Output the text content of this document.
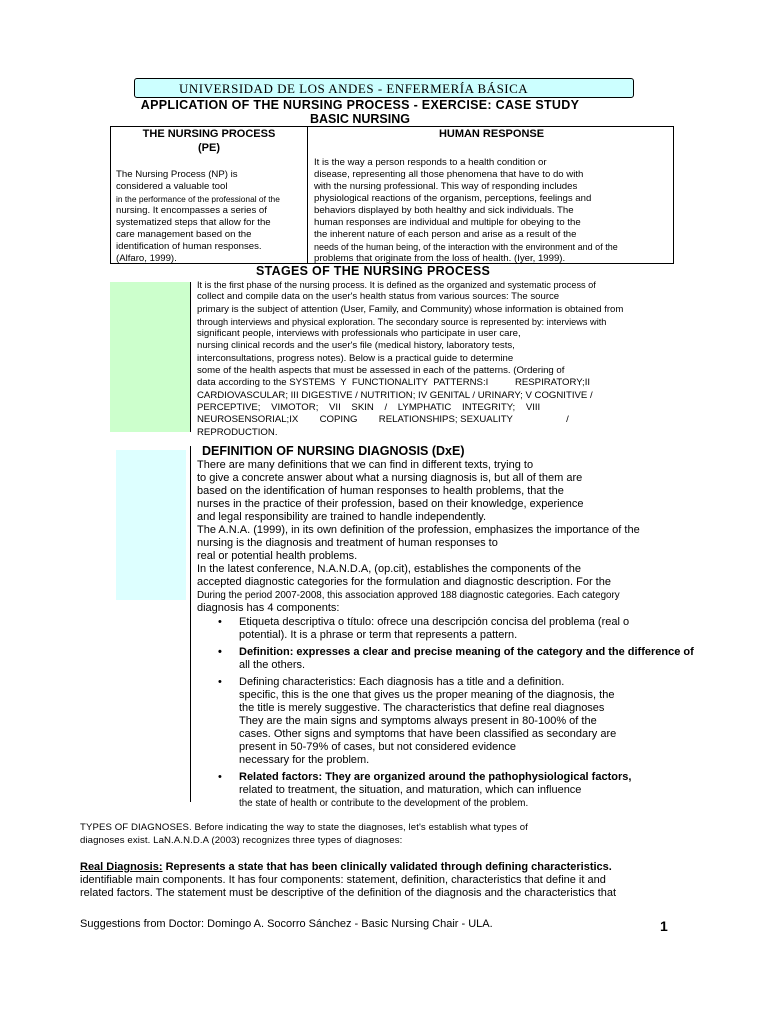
UNIVERSIDAD DE LOS ANDES - ENFERMERÍA BÁSICA
APPLICATION OF THE NURSING PROCESS - EXERCISE: CASE STUDY
BASIC NURSING
THE NURSING PROCESS
(PE)
The Nursing Process (NP) is
considered a valuable tool
in the performance of the professional of the
nursing. It encompasses a series of
systematized steps that allow for the
care management based on the
identification of human responses.
(Alfaro, 1999).
HUMAN RESPONSE
It is the way a person responds to a health condition or
disease, representing all those phenomena that have to do with
with the nursing professional. This way of responding includes
physiological reactions of the organism, perceptions, feelings and
behaviors displayed by both healthy and sick individuals. The
human responses are individual and multiple for obeying to the
the inherent nature of each person and arise as a result of the
needs of the human being, of the interaction with the environment and of the
problems that originate from the loss of health. (Iyer, 1999).
STAGES OF THE NURSING PROCESS
It is the first phase of the nursing process. It is defined as the organized and systematic process of
collect and compile data on the user's health status from various sources: The source
primary is the subject of attention (User, Family, and Community) whose information is obtained from
through interviews and physical exploration. The secondary source is represented by: interviews with
significant people, interviews with professionals who participate in user care,
nursing clinical records and the user's file (medical history, laboratory tests,
interconsultations, progress notes). Below is a practical guide to determine
some of the health aspects that must be assessed in each of the patterns. (Ordering of
data according to the SYSTEMS  Y  FUNCTIONALITY  PATTERNS:I          RESPIRATORY;II
CARDIOVASCULAR; III DIGESTIVE / NUTRITION; IV GENITAL / URINARY; V COGNITIVE /
PERCEPTIVE;    VIMOTOR;    VII    SKIN    /    LYMPHATIC    INTEGRITY;    VIII
NEUROSENSORIAL;IX        COPING        RELATIONSHIPS; SEXUALITY                    /
REPRODUCTION.
DEFINITION OF NURSING DIAGNOSIS (DxE)
There are many definitions that we can find in different texts, trying to
to give a concrete answer about what a nursing diagnosis is, but all of them are
based on the identification of human responses to health problems, that the
nurses in the practice of their profession, based on their knowledge, experience
and legal responsibility are trained to handle independently.
The A.N.A. (1999), in its own definition of the profession, emphasizes the importance of the
nursing is the diagnosis and treatment of human responses to
real or potential health problems.
In the latest conference, N.A.N.D.A, (op.cit), establishes the components of the
accepted diagnostic categories for the formulation and diagnostic description. For the
During the period 2007-2008, this association approved 188 diagnostic categories. Each category
diagnosis has 4 components:
• Etiqueta descriptiva o título: ofrece una descripción concisa del problema (real o
potential). It is a phrase or term that represents a pattern.
• Definition: expresses a clear and precise meaning of the category and the difference of
all the others.
• Defining characteristics: Each diagnosis has a title and a definition.
specific, this is the one that gives us the proper meaning of the diagnosis, the
the title is merely suggestive. The characteristics that define real diagnoses
They are the main signs and symptoms always present in 80-100% of the
cases. Other signs and symptoms that have been classified as secondary are
present in 50-79% of cases, but not considered evidence
necessary for the problem.
• Related factors: They are organized around the pathophysiological factors,
related to treatment, the situation, and maturation, which can influence
the state of health or contribute to the development of the problem.
TYPES OF DIAGNOSES. Before indicating the way to state the diagnoses, let's establish what types of
diagnoses exist. LaN.A.N.D.A (2003) recognizes three types of diagnoses:
Real Diagnosis: Represents a state that has been clinically validated through defining characteristics.
identifiable main components. It has four components: statement, definition, characteristics that define it and
related factors. The statement must be descriptive of the definition of the diagnosis and the characteristics that
Suggestions from Doctor: Domingo A. Socorro Sánchez - Basic Nursing Chair - ULA.	1
